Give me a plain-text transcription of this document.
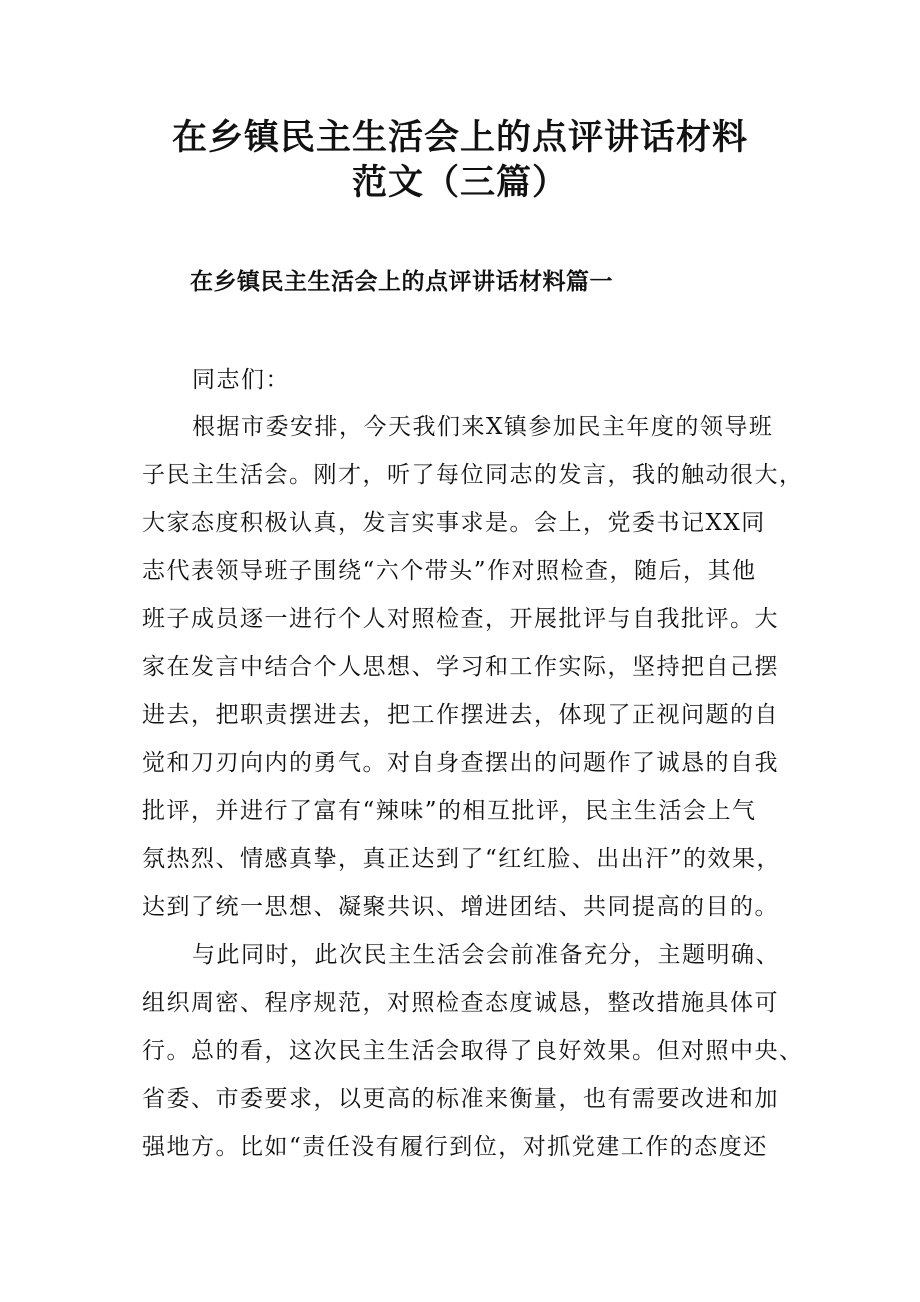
在乡镇民主生活会上的点评讲话材料
范文（三篇）
在乡镇民主生活会上的点评讲话材料篇一
同志们：
根据市委安排，今天我们来X镇参加民主年度的领导班
子民主生活会。刚才，听了每位同志的发言，我的触动很大，
大家态度积极认真，发言实事求是。会上，党委书记XX同
志代表领导班子围绕“六个带头”作对照检查，随后，其他
班子成员逐一进行个人对照检查，开展批评与自我批评。大
家在发言中结合个人思想、学习和工作实际，坚持把自己摆
进去，把职责摆进去，把工作摆进去，体现了正视问题的自
觉和刀刃向内的勇气。对自身查摆出的问题作了诚恳的自我
批评，并进行了富有“辣味”的相互批评，民主生活会上气
氛热烈、情感真挚，真正达到了“红红脸、出出汗”的效果，
达到了统一思想、凝聚共识、增进团结、共同提高的目的。
与此同时，此次民主生活会会前准备充分，主题明确、
组织周密、程序规范，对照检查态度诚恳，整改措施具体可
行。总的看，这次民主生活会取得了良好效果。但对照中央、
省委、市委要求，以更高的标准来衡量，也有需要改进和加
强地方。比如“责任没有履行到位，对抓党建工作的态度还
